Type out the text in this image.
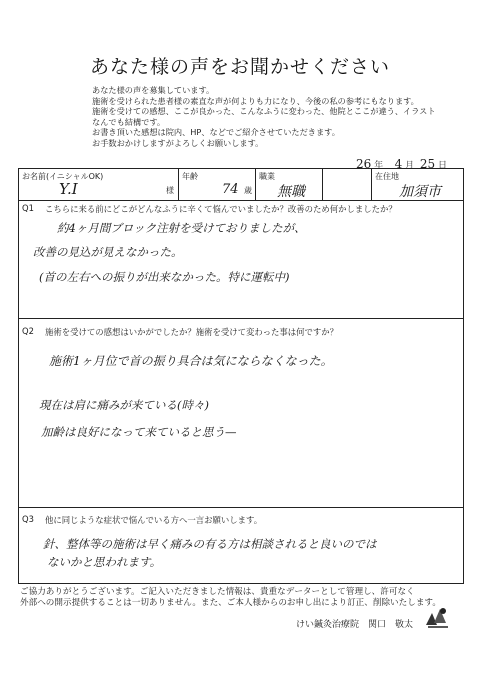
あなた様の声をお聞かせください
あなた様の声を募集しています。
施術を受けられた患者様の素直な声が何よりも力になり、今後の私の参考にもなります。
施術を受けての感想、ここが良かった、こんなふうに変わった、他院とここが違う、イラスト
なんでも結構です。
お書き頂いた感想は院内、HP、などでご紹介させていただきます。
お手数おかけしますがよろしくお願いします。
26 年 4 月 25 日
お名前(イニシャルOK)
Y.I	様
年齢
74 歳
職業
無職
在住地
加須市
Q1 こちらに来る前にどこがどんなふうに辛くて悩んでいましたか？改善のため何かしましたか？
約4ヶ月間ブロック注射を受けておりましたが、
改善の見込が見えなかった。
(首の左右への振りが出来なかった。特に運転中)
Q2 施術を受けての感想はいかがでしたか？施術を受けて変わった事は何ですか？
施術1ヶ月位で首の振り具合は気にならなくなった。
現在は肩に痛みが来ている(時々)
加齢は良好になって来ていると思う—
Q3 他に同じような症状で悩んでいる方へ一言お願いします。
針、整体等の施術は早く痛みの有る方は相談されると良いのでは
ないかと思われます。
ご協力ありがとうございます。ご記入いただきました情報は、貴重なデーターとして管理し、許可なく
外部への開示提供することは一切ありません。また、ご本人様からのお申し出により訂正、削除いたします。
けい鍼灸治療院　関口　敬太
